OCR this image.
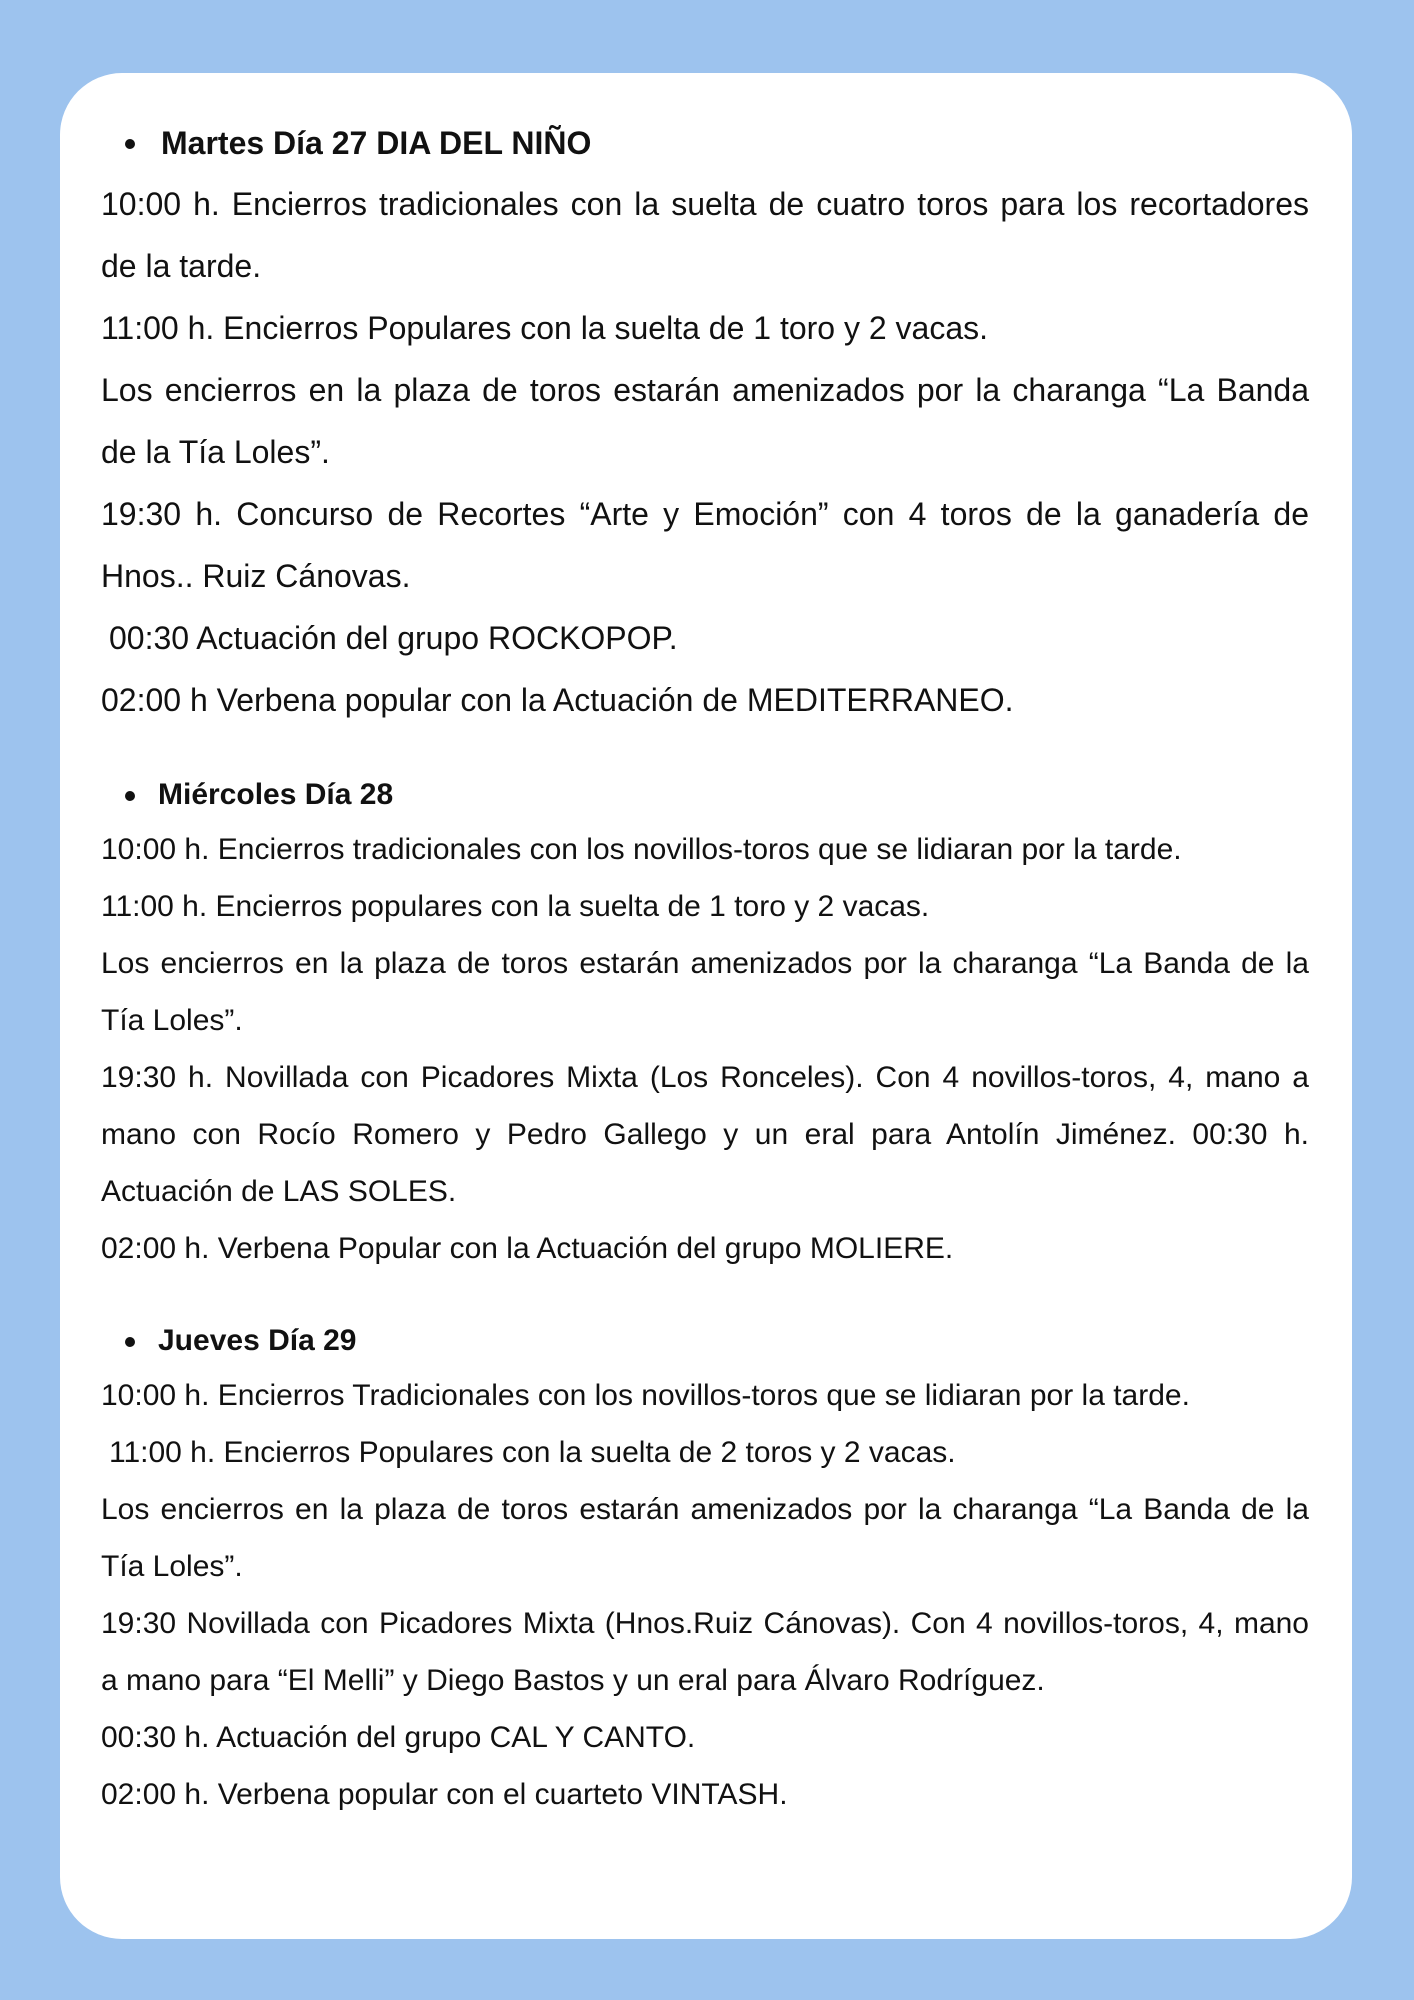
Martes Día 27 DIA DEL NIÑO

10:00 h. Encierros tradicionales con la suelta de cuatro toros para los recortadores de la tarde.

11:00 h. Encierros Populares con la suelta de 1 toro y 2 vacas.

Los encierros en la plaza de toros estarán amenizados por la charanga “La Banda de la Tía Loles”.

19:30 h. Concurso de Recortes “Arte y Emoción” con 4 toros de la ganadería de Hnos.. Ruiz Cánovas.

00:30 Actuación del grupo ROCKOPOP.

02:00 h Verbena popular con la Actuación de MEDITERRANEO.

Miércoles Día 28

10:00 h. Encierros tradicionales con los novillos-toros que se lidiaran por la tarde.

11:00 h. Encierros populares con la suelta de 1 toro y 2 vacas.

Los encierros en la plaza de toros estarán amenizados por la charanga “La Banda de la Tía Loles”.

19:30 h. Novillada con Picadores Mixta (Los Ronceles). Con 4 novillos-toros, 4, mano a mano con Rocío Romero y Pedro Gallego y un eral para Antolín Jiménez. 00:30 h. Actuación de LAS SOLES.

02:00 h. Verbena Popular con la Actuación del grupo MOLIERE.

Jueves Día 29

10:00 h. Encierros Tradicionales con los novillos-toros que se lidiaran por la tarde.

11:00 h. Encierros Populares con la suelta de 2 toros y 2 vacas.

Los encierros en la plaza de toros estarán amenizados por la charanga “La Banda de la Tía Loles”.

19:30 Novillada con Picadores Mixta (Hnos.Ruiz Cánovas). Con 4 novillos-toros, 4, mano a mano para “El Melli” y Diego Bastos y un eral para Álvaro Rodríguez.

00:30 h. Actuación del grupo CAL Y CANTO.

02:00 h. Verbena popular con el cuarteto VINTASH.
